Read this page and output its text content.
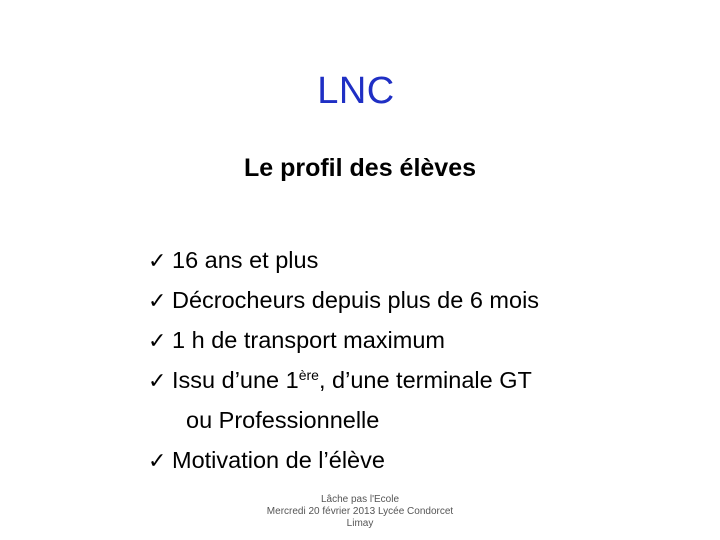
LNC
Le profil des élèves
✓ 16 ans et plus
✓ Décrocheurs depuis plus de 6 mois
✓ 1 h de transport maximum
✓ Issu d’une 1ère, d’une terminale GT
ou Professionnelle
✓ Motivation de l’élève
Lâche pas l'Ecole
Mercredi 20 février 2013 Lycée Condorcet
Limay
